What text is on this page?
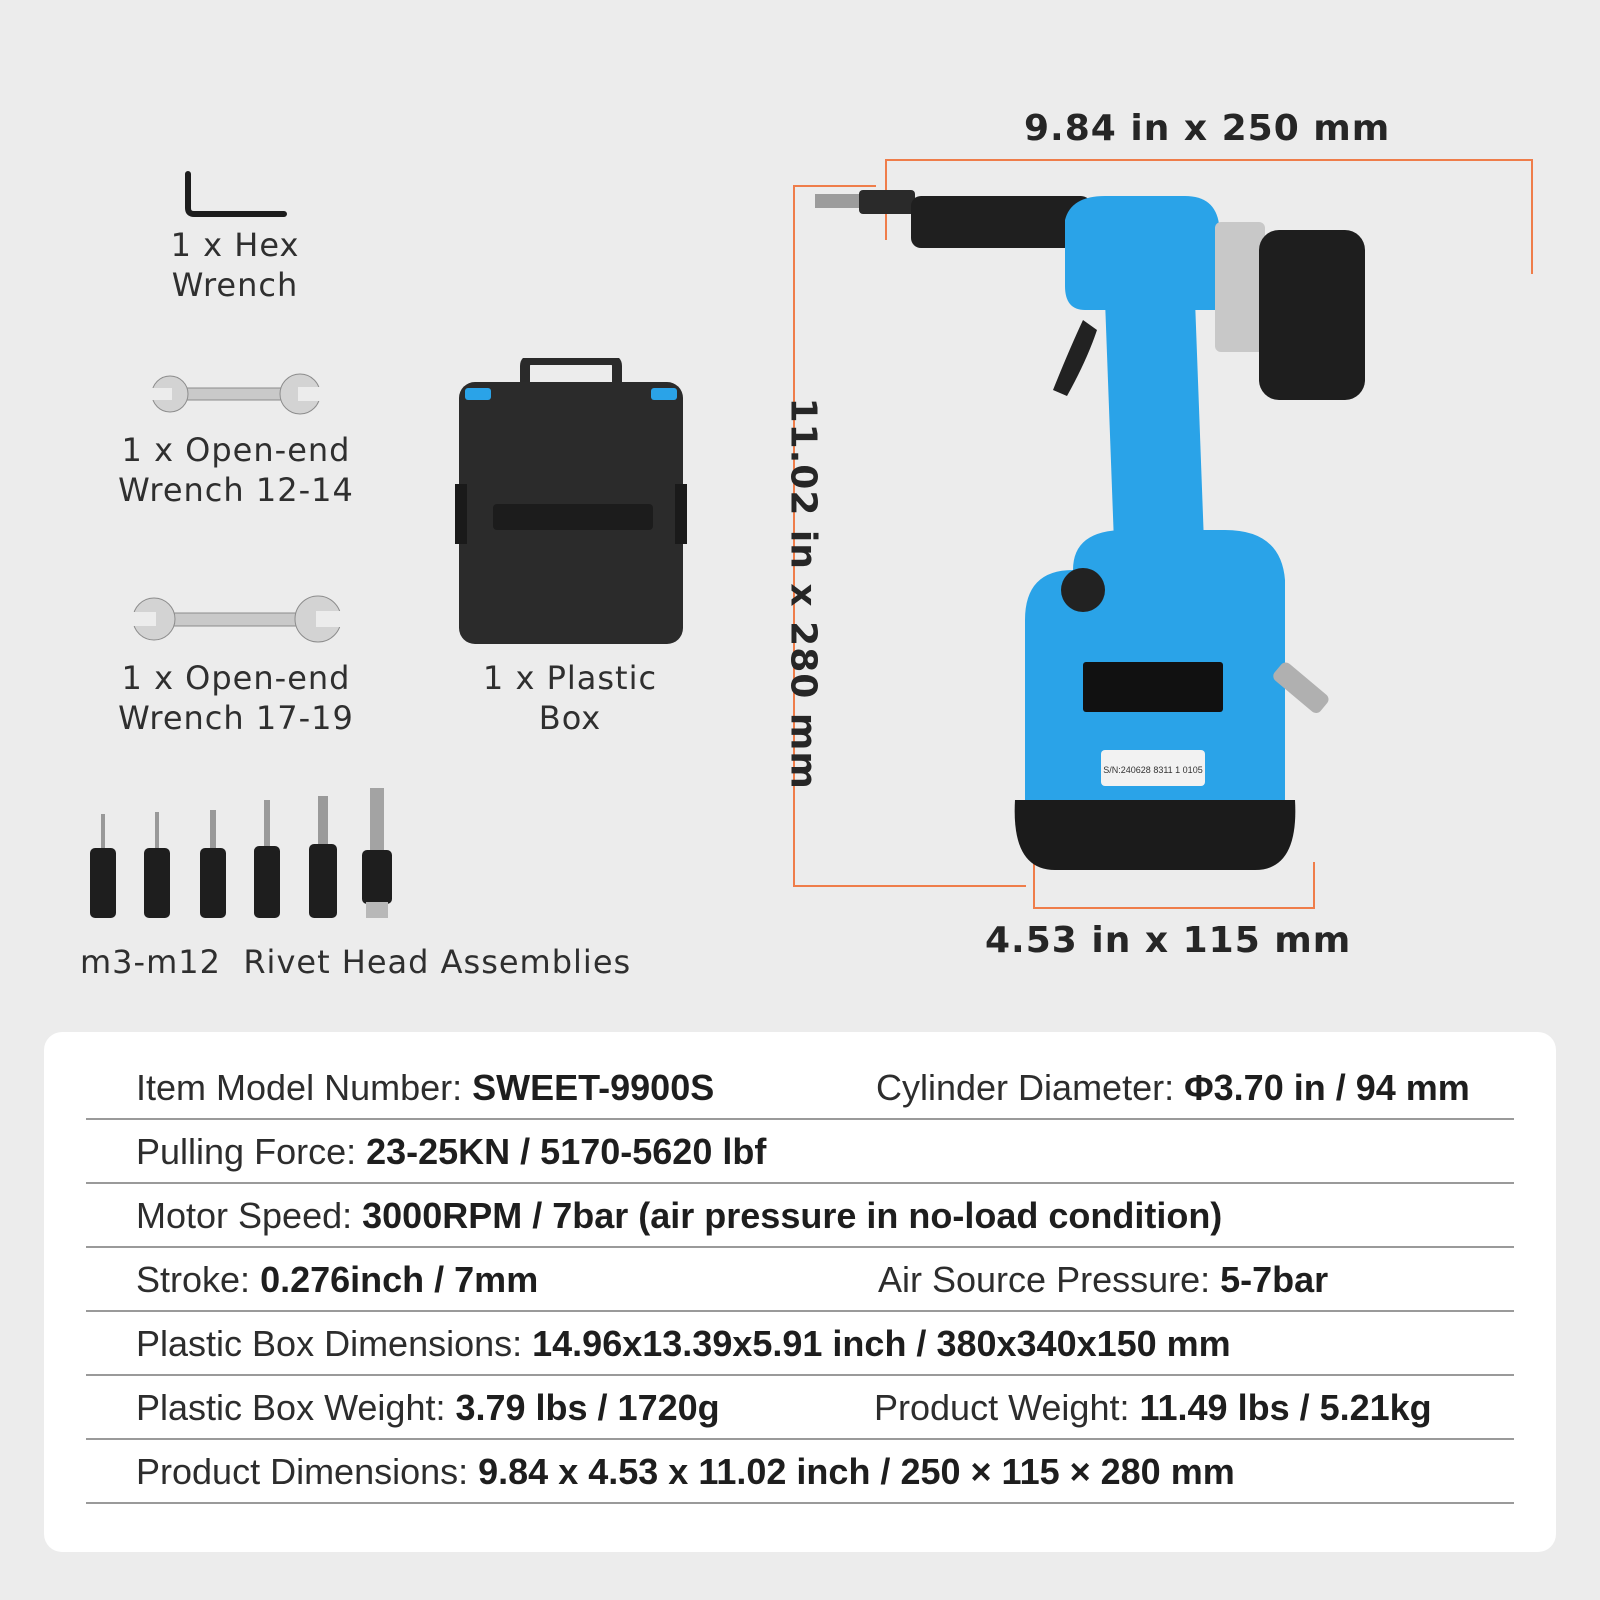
1 x Hex
Wrench
1 x Open-end
Wrench 12-14
1 x Open-end
Wrench 17-19
1 x Plastic
Box
m3-m12  Rivet Head Assemblies
S/N:240628 8311 1 0105
9.84 in x 250 mm
11.02 in x 280 mm
4.53 in x 115 mm
Item Model Number: SWEET-9900S	Cylinder Diameter: Φ3.70 in / 94 mm
Pulling Force: 23-25KN / 5170-5620 lbf
Motor Speed: 3000RPM / 7bar (air pressure in no-load condition)
Stroke: 0.276inch / 7mm	Air Source Pressure: 5-7bar
Plastic Box Dimensions: 14.96x13.39x5.91 inch / 380x340x150 mm
Plastic Box Weight: 3.79 lbs / 1720g	Product Weight: 11.49 lbs / 5.21kg
Product Dimensions: 9.84 x 4.53 x 11.02 inch / 250 × 115 × 280 mm
